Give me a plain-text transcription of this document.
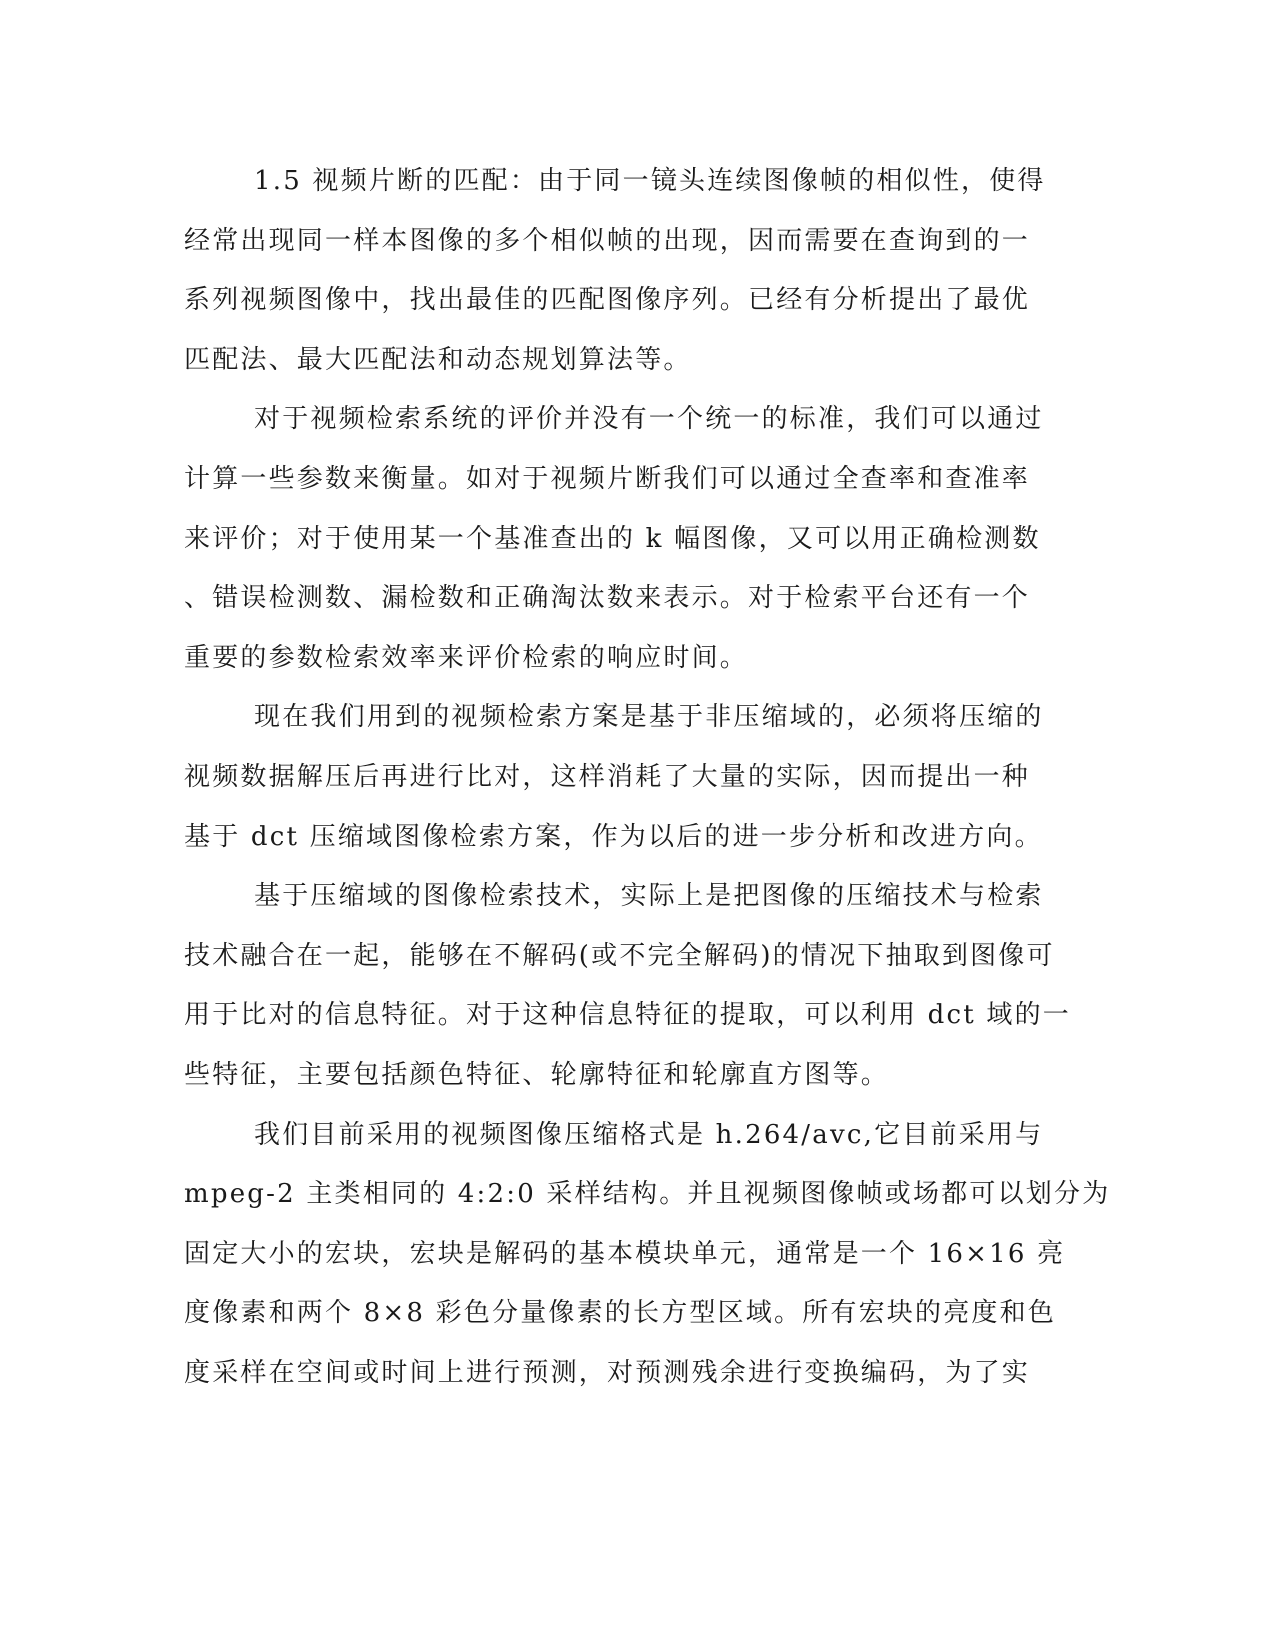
1.5 视频片断的匹配：由于同一镜头连续图像帧的相似性，使得
经常出现同一样本图像的多个相似帧的出现，因而需要在查询到的一
系列视频图像中，找出最佳的匹配图像序列。已经有分析提出了最优
匹配法、最大匹配法和动态规划算法等。
对于视频检索系统的评价并没有一个统一的标准，我们可以通过
计算一些参数来衡量。如对于视频片断我们可以通过全查率和查准率
来评价；对于使用某一个基准查出的 k 幅图像，又可以用正确检测数
、错误检测数、漏检数和正确淘汰数来表示。对于检索平台还有一个
重要的参数检索效率来评价检索的响应时间。
现在我们用到的视频检索方案是基于非压缩域的，必须将压缩的
视频数据解压后再进行比对，这样消耗了大量的实际，因而提出一种
基于 dct 压缩域图像检索方案，作为以后的进一步分析和改进方向。
基于压缩域的图像检索技术，实际上是把图像的压缩技术与检索
技术融合在一起，能够在不解码(或不完全解码)的情况下抽取到图像可
用于比对的信息特征。对于这种信息特征的提取，可以利用 dct 域的一
些特征，主要包括颜色特征、轮廓特征和轮廓直方图等。
我们目前采用的视频图像压缩格式是 h.264/avc,它目前采用与
mpeg-2 主类相同的 4:2:0 采样结构。并且视频图像帧或场都可以划分为
固定大小的宏块，宏块是解码的基本模块单元，通常是一个 16×16 亮
度像素和两个 8×8 彩色分量像素的长方型区域。所有宏块的亮度和色
度采样在空间或时间上进行预测，对预测残余进行变换编码，为了实
